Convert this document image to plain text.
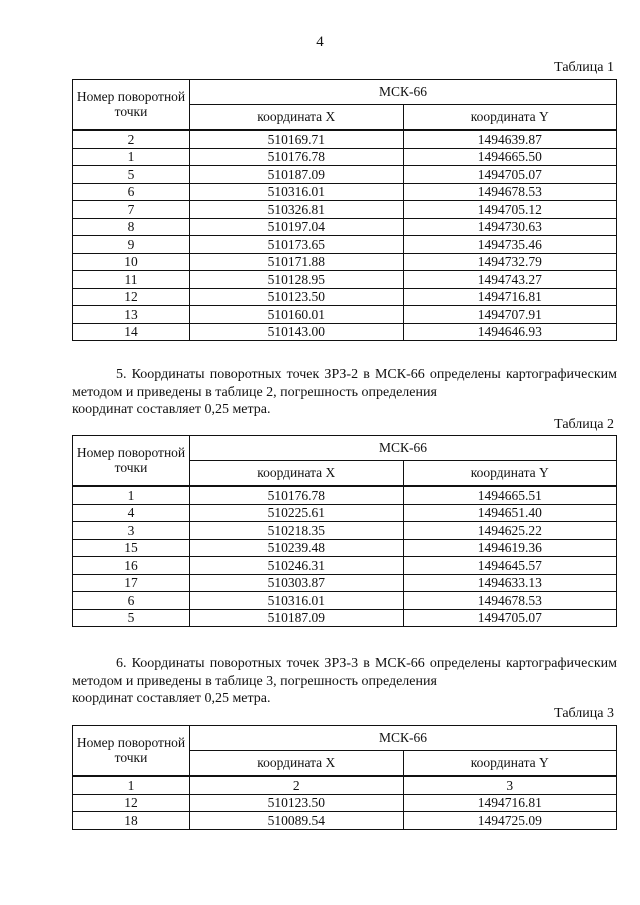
4
Таблица 1
Номер поворотной точки	МСК-66	
	координата X	координата Y
2	510169.71	1494639.87
1	510176.78	1494665.50
5	510187.09	1494705.07
6	510316.01	1494678.53
7	510326.81	1494705.12
8	510197.04	1494730.63
9	510173.65	1494735.46
10	510171.88	1494732.79
11	510128.95	1494743.27
12	510123.50	1494716.81
13	510160.01	1494707.91
14	510143.00	1494646.93
5. Координаты поворотных точек ЗРЗ-2 в МСК-66 определены картографическим методом и приведены в таблице 2, погрешность определения
координат составляет 0,25 метра.
Таблица 2
Номер поворотной точки	МСК-66	
	координата X	координата Y
1	510176.78	1494665.51
4	510225.61	1494651.40
3	510218.35	1494625.22
15	510239.48	1494619.36
16	510246.31	1494645.57
17	510303.87	1494633.13
6	510316.01	1494678.53
5	510187.09	1494705.07
6. Координаты поворотных точек ЗРЗ-3 в МСК-66 определены картографическим методом и приведены в таблице 3, погрешность определения
координат составляет 0,25 метра.
Таблица 3
Номер поворотной точки	МСК-66	
	координата X	координата Y
1	2	3
12	510123.50	1494716.81
18	510089.54	1494725.09
